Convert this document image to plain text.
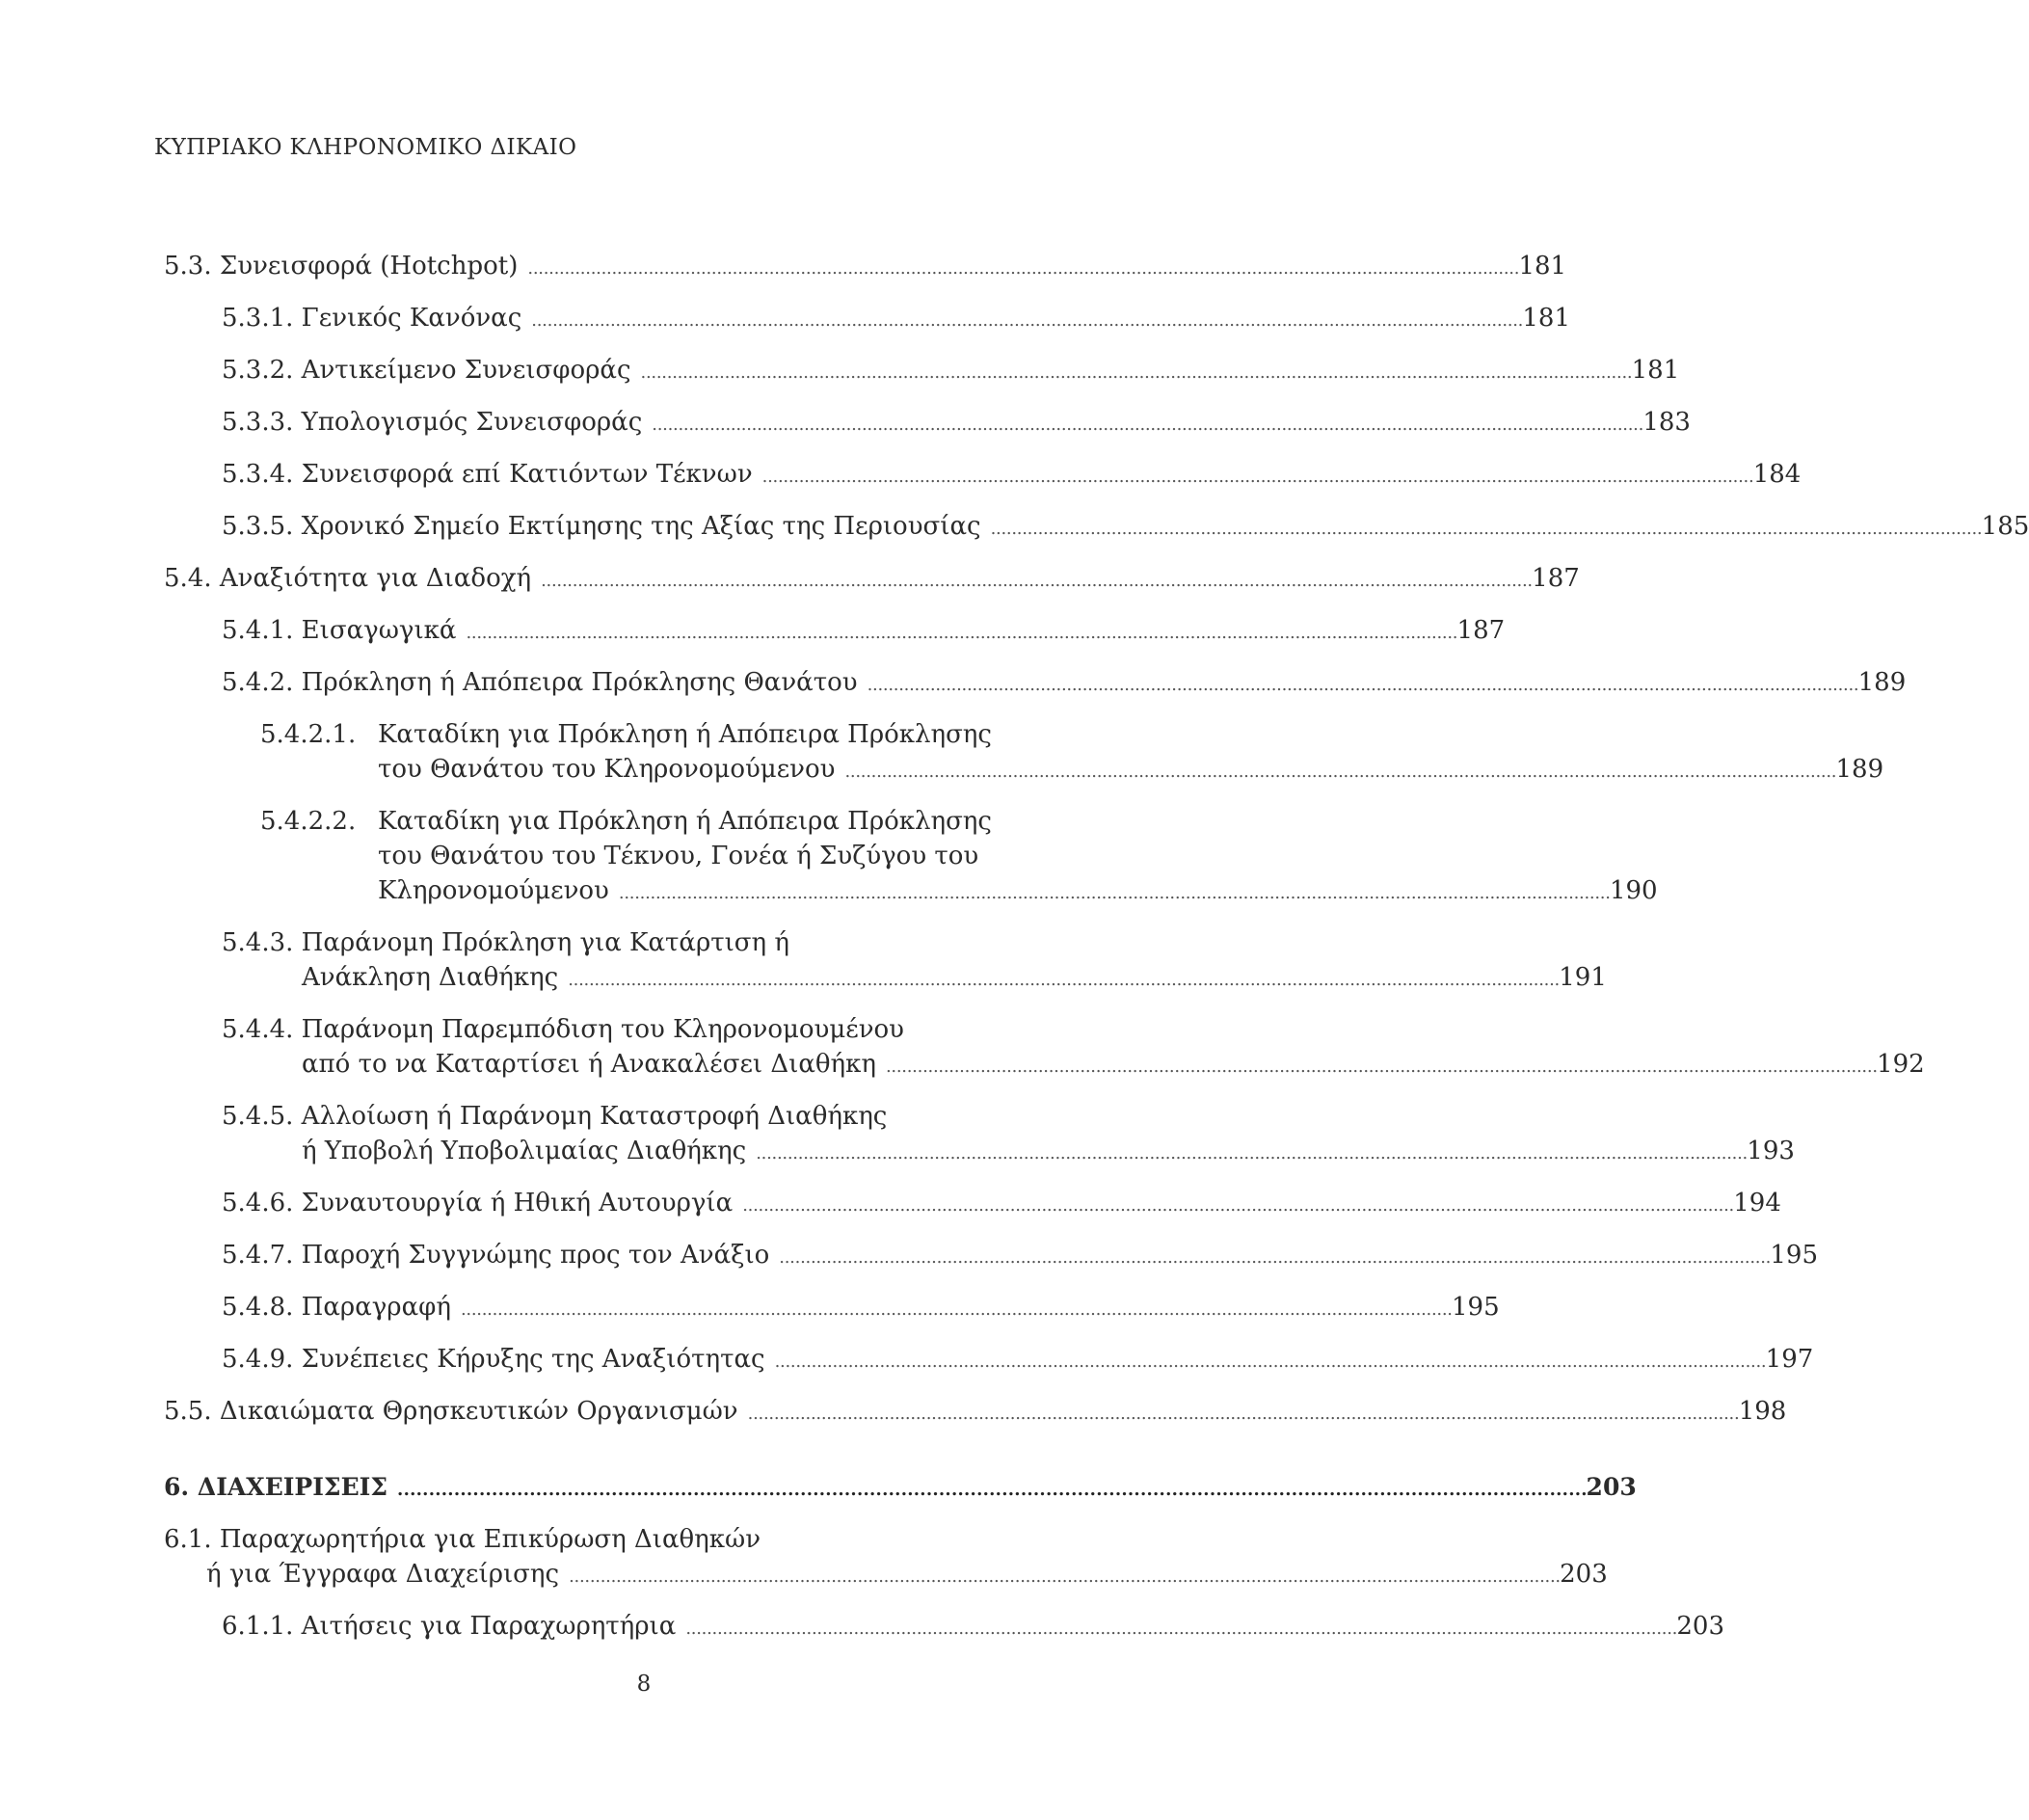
ΚΥΠΡΙΑΚΟ ΚΛΗΡΟΝΟΜΙΚΟ ΔΙΚΑΙΟ
5.3. Συνεισφορά (Hotchpot) . . .	181
5.3.1. Γενικός Κανόνας . . .	181
5.3.2. Αντικείμενο Συνεισφοράς . . .	181
5.3.3. Υπολογισμός Συνεισφοράς . . .	183
5.3.4. Συνεισφορά επί Κατιόντων Τέκνων . . .	184
5.3.5. Χρονικό Σημείο Εκτίμησης της Αξίας της Περιουσίας . . .	185
5.4. Αναξιότητα για Διαδοχή . . .	187
5.4.1. Εισαγωγικά . . .	187
5.4.2. Πρόκληση ή Απόπειρα Πρόκλησης Θανάτου . . .	189
5.4.2.1. Καταδίκη για Πρόκληση ή Απόπειρα Πρόκλησης
του Θανάτου του Κληρονομούμενου . . .	189
5.4.2.2. Καταδίκη για Πρόκληση ή Απόπειρα Πρόκλησης
του Θανάτου του Τέκνου, Γονέα ή Συζύγου του
Κληρονομούμενου . . .	190
5.4.3. Παράνομη Πρόκληση για Κατάρτιση ή
Ανάκληση Διαθήκης . . .	191
5.4.4. Παράνομη Παρεμπόδιση του Κληρονομουμένου
από το να Καταρτίσει ή Ανακαλέσει Διαθήκη . . .	192
5.4.5. Αλλοίωση ή Παράνομη Καταστροφή Διαθήκης
ή Υποβολή Υποβολιμαίας Διαθήκης . . .	193
5.4.6. Συναυτουργία ή Ηθική Αυτουργία . . .	194
5.4.7. Παροχή Συγγνώμης προς τον Ανάξιο . . .	195
5.4.8. Παραγραφή . . .	195
5.4.9. Συνέπειες Κήρυξης της Αναξιότητας . . .	197
5.5. Δικαιώματα Θρησκευτικών Οργανισμών . . .	198
6. ΔΙΑΧΕΙΡΙΣΕΙΣ . . .	203
6.1. Παραχωρητήρια για Επικύρωση Διαθηκών
ή για Έγγραφα Διαχείρισης . . .	203
6.1.1. Αιτήσεις για Παραχωρητήρια . . .	203
8
